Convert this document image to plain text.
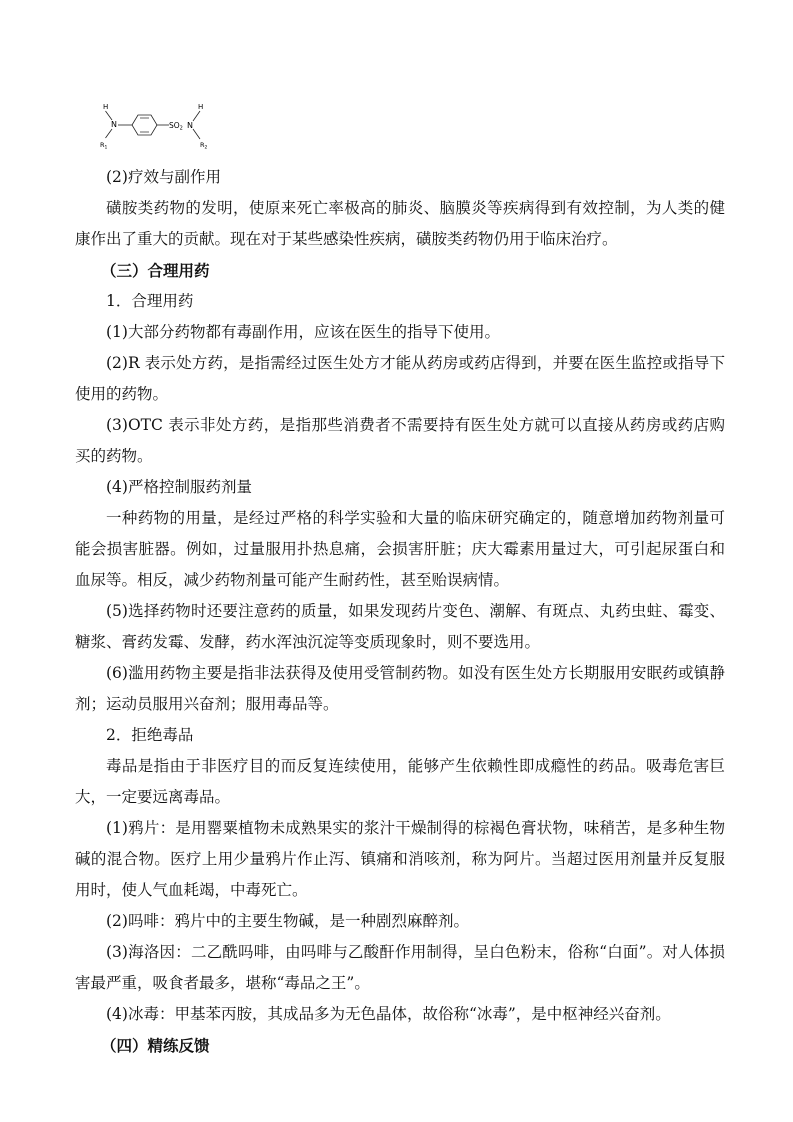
H
N
$R_1$
$SO_2$ N
H
$R_2$
(2)疗效与副作用
磺胺类药物的发明，使原来死亡率极高的肺炎、脑膜炎等疾病得到有效控制，为人类的健康作出了重大的贡献。现在对于某些感染性疾病，磺胺类药物仍用于临床治疗。
（三）合理用药
1．合理用药
(1)大部分药物都有毒副作用，应该在医生的指导下使用。
(2)R 表示处方药，是指需经过医生处方才能从药房或药店得到，并要在医生监控或指导下使用的药物。
(3)OTC 表示非处方药，是指那些消费者不需要持有医生处方就可以直接从药房或药店购买的药物。
(4)严格控制服药剂量
一种药物的用量，是经过严格的科学实验和大量的临床研究确定的，随意增加药物剂量可能会损害脏器。例如，过量服用扑热息痛，会损害肝脏；庆大霉素用量过大，可引起尿蛋白和血尿等。相反，减少药物剂量可能产生耐药性，甚至贻误病情。
(5)选择药物时还要注意药的质量，如果发现药片变色、潮解、有斑点、丸药虫蛀、霉变、糖浆、膏药发霉、发酵，药水浑浊沉淀等变质现象时，则不要选用。
(6)滥用药物主要是指非法获得及使用受管制药物。如没有医生处方长期服用安眠药或镇静剂；运动员服用兴奋剂；服用毒品等。
2．拒绝毒品
毒品是指由于非医疗目的而反复连续使用，能够产生依赖性即成瘾性的药品。吸毒危害巨大，一定要远离毒品。
(1)鸦片：是用罂粟植物未成熟果实的浆汁干燥制得的棕褐色膏状物，味稍苦，是多种生物碱的混合物。医疗上用少量鸦片作止泻、镇痛和消咳剂，称为阿片。当超过医用剂量并反复服用时，使人气血耗竭，中毒死亡。
(2)吗啡：鸦片中的主要生物碱，是一种剧烈麻醉剂。
(3)海洛因：二乙酰吗啡，由吗啡与乙酸酐作用制得，呈白色粉末，俗称“白面”。对人体损害最严重，吸食者最多，堪称“毒品之王”。
(4)冰毒：甲基苯丙胺，其成品多为无色晶体，故俗称“冰毒”，是中枢神经兴奋剂。
（四）精练反馈
